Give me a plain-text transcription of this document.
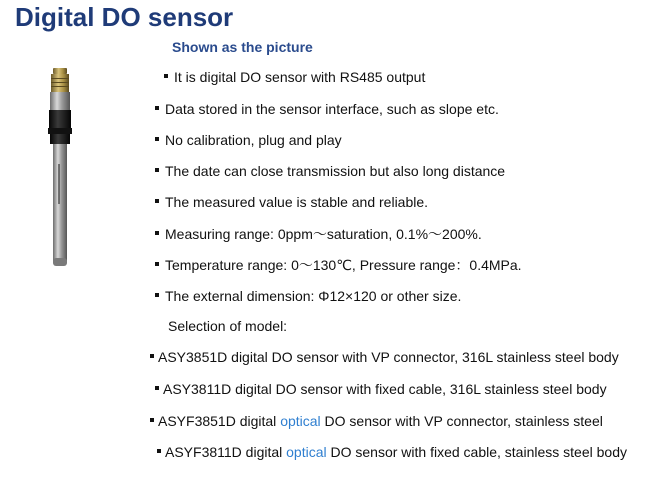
Digital DO sensor
Shown as the picture
It is digital DO sensor with RS485 output
Data stored in the sensor interface, such as slope etc.
No calibration, plug and play
The date can close transmission but also long distance
The measured value is stable and reliable.
Measuring range: 0ppm～saturation, 0.1%～200%.
Temperature range: 0～130℃, Pressure range：0.4MPa.
The external dimension: Φ12×120 or other size.
Selection of model:
ASY3851D digital DO sensor with VP connector, 316L stainless steel body
ASY3811D digital DO sensor with fixed cable, 316L stainless steel body
ASYF3851D digital optical DO sensor with VP connector, stainless steel
ASYF3811D digital optical DO sensor with fixed cable, stainless steel body
